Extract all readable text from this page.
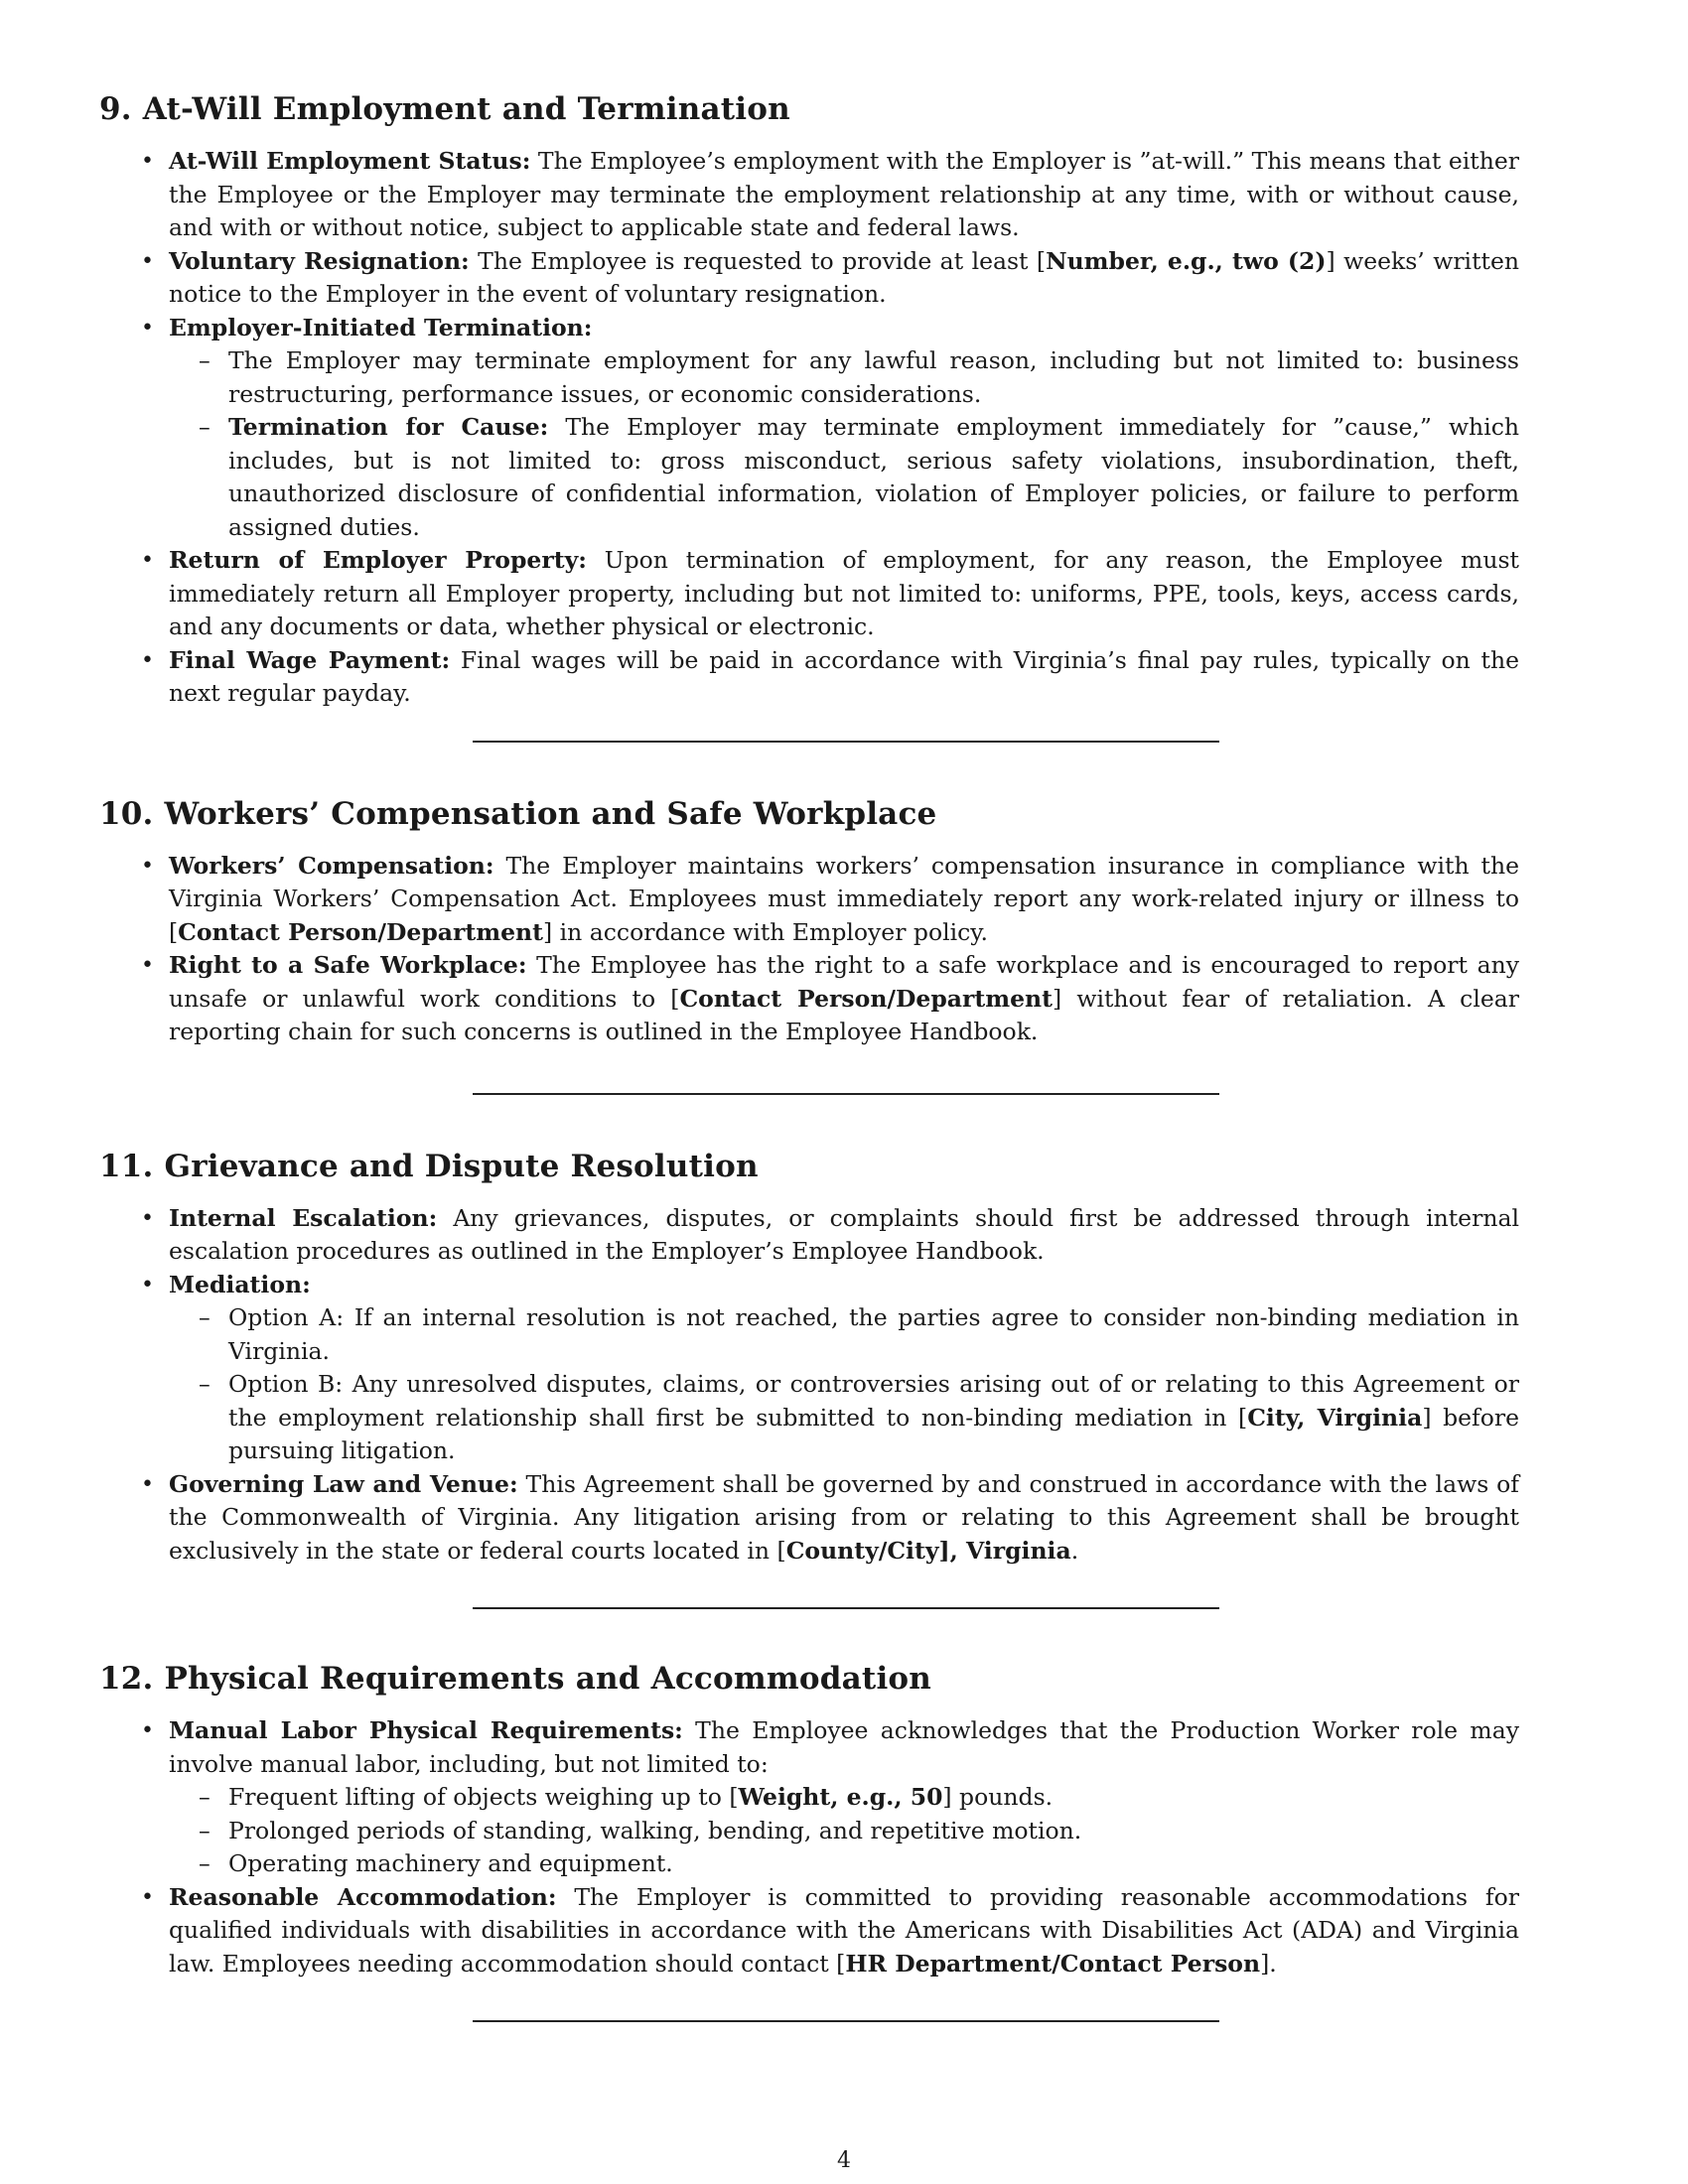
9. At-Will Employment and Termination
• At-Will Employment Status: The Employee’s employment with the Employer is ”at-will.” This means that either the Employee or the Employer may terminate the employment relationship at any time, with or without cause, and with or without notice, subject to applicable state and federal laws.
• Voluntary Resignation: The Employee is requested to provide at least [Number, e.g., two (2)] weeks’ written notice to the Employer in the event of voluntary resignation.
• Employer-Initiated Termination:
– The Employer may terminate employment for any lawful reason, including but not limited to: business restructuring, performance issues, or economic considerations.
– Termination for Cause: The Employer may terminate employment immediately for ”cause,” which includes, but is not limited to: gross misconduct, serious safety violations, insubordination, theft, unauthorized disclosure of confidential information, violation of Employer policies, or failure to perform assigned duties.
• Return of Employer Property: Upon termination of employment, for any reason, the Employee must immediately return all Employer property, including but not limited to: uniforms, PPE, tools, keys, access cards, and any documents or data, whether physical or electronic.
• Final Wage Payment: Final wages will be paid in accordance with Virginia’s final pay rules, typically on the next regular payday.
10. Workers’ Compensation and Safe Workplace
• Workers’ Compensation: The Employer maintains workers’ compensation insurance in compliance with the Virginia Workers’ Compensation Act. Employees must immediately report any work-related injury or illness to [Contact Person/Department] in accordance with Employer policy.
• Right to a Safe Workplace: The Employee has the right to a safe workplace and is encouraged to report any unsafe or unlawful work conditions to [Contact Person/Department] without fear of retaliation. A clear reporting chain for such concerns is outlined in the Employee Handbook.
11. Grievance and Dispute Resolution
• Internal Escalation: Any grievances, disputes, or complaints should first be addressed through internal escalation procedures as outlined in the Employer’s Employee Handbook.
• Mediation:
– Option A: If an internal resolution is not reached, the parties agree to consider non-binding mediation in Virginia.
– Option B: Any unresolved disputes, claims, or controversies arising out of or relating to this Agreement or the employment relationship shall first be submitted to non-binding mediation in [City, Virginia] before pursuing litigation.
• Governing Law and Venue: This Agreement shall be governed by and construed in accordance with the laws of the Commonwealth of Virginia. Any litigation arising from or relating to this Agreement shall be brought exclusively in the state or federal courts located in [County/City], Virginia.
12. Physical Requirements and Accommodation
• Manual Labor Physical Requirements: The Employee acknowledges that the Production Worker role may involve manual labor, including, but not limited to:
– Frequent lifting of objects weighing up to [Weight, e.g., 50] pounds.
– Prolonged periods of standing, walking, bending, and repetitive motion.
– Operating machinery and equipment.
• Reasonable Accommodation: The Employer is committed to providing reasonable accommodations for qualified individuals with disabilities in accordance with the Americans with Disabilities Act (ADA) and Virginia law. Employees needing accommodation should contact [HR Department/Contact Person].
4
